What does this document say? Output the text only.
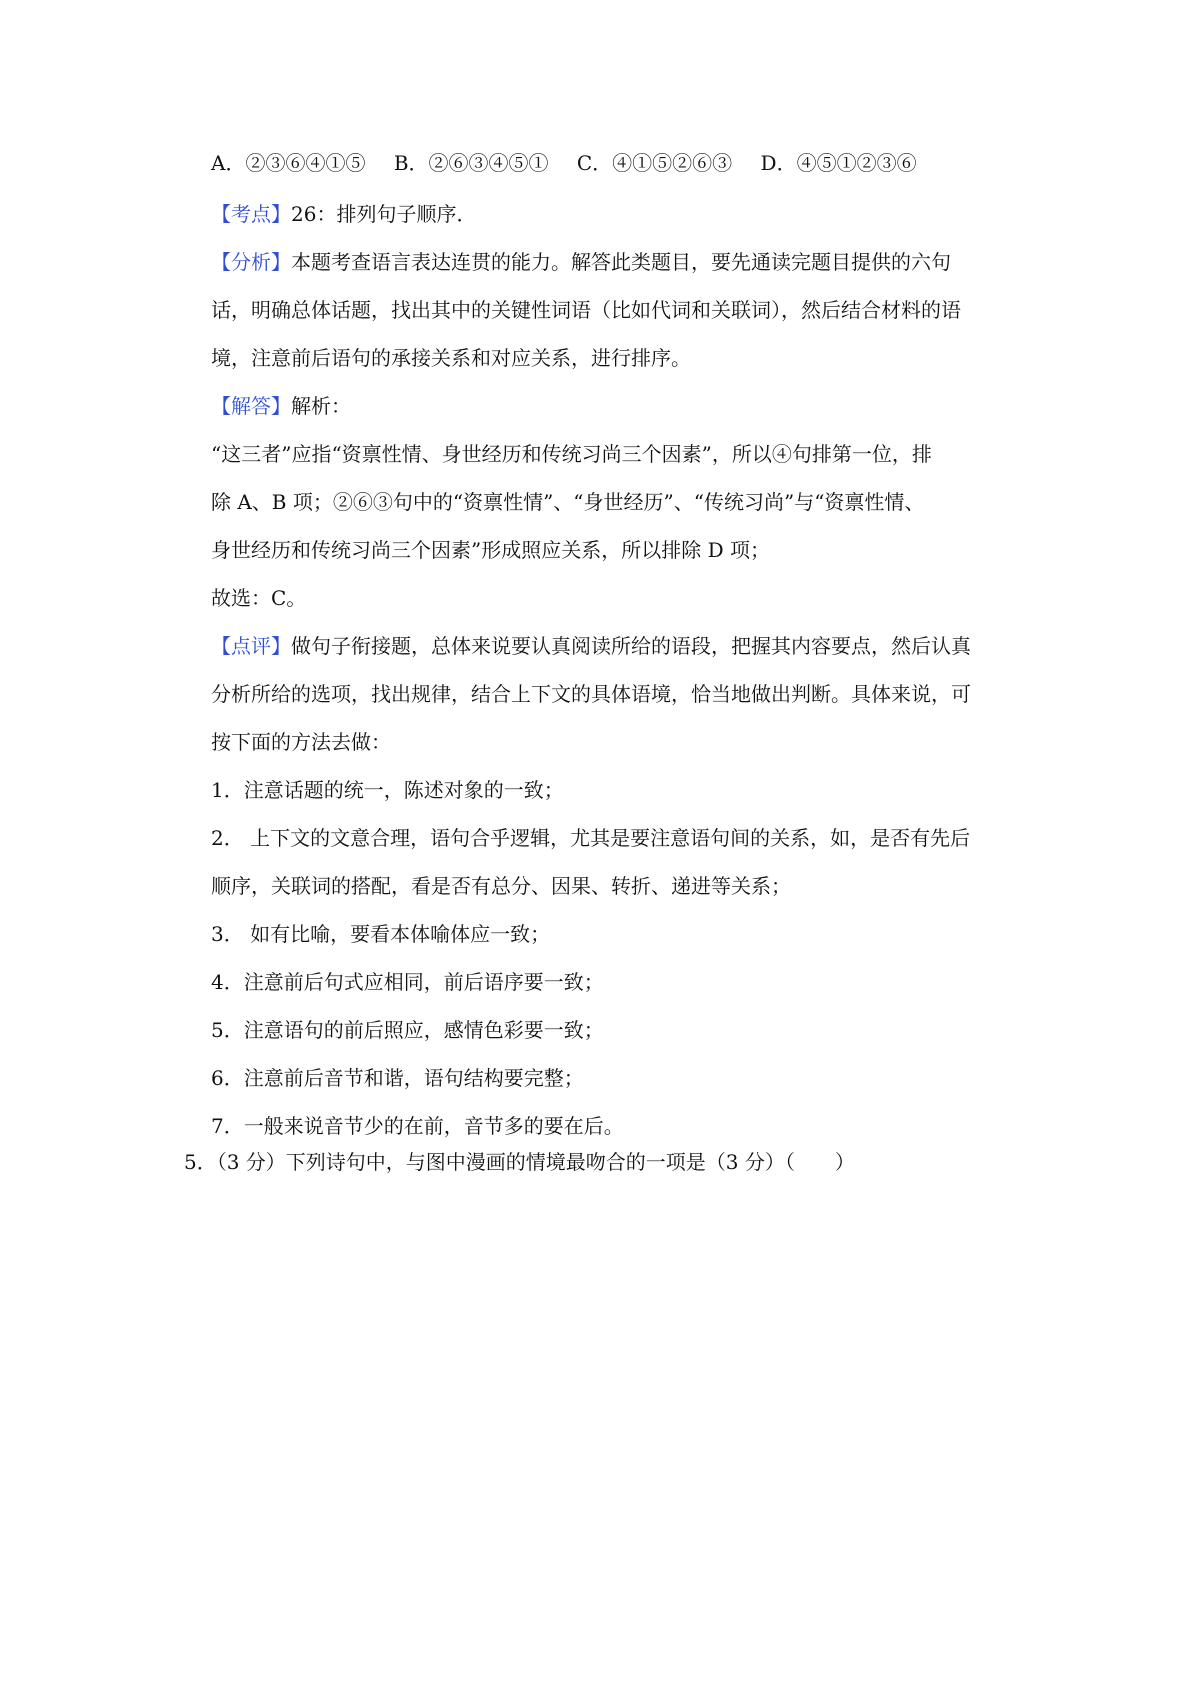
A．②③⑥④①⑤ B．②⑥③④⑤① C．④①⑤②⑥③ D．④⑤①②③⑥
【考点】26：排列句子顺序．
【分析】本题考查语言表达连贯的能力。解答此类题目，要先通读完题目提供的六句
话，明确总体话题，找出其中的关键性词语（比如代词和关联词），然后结合材料的语
境，注意前后语句的承接关系和对应关系，进行排序。
【解答】解析：
“这三者”应指“资禀性情、身世经历和传统习尚三个因素”，所以④句排第一位，排
除 A、B 项；②⑥③句中的“资禀性情”、“身世经历”、“传统习尚”与“资禀性情、
身世经历和传统习尚三个因素”形成照应关系，所以排除 D 项；
故选：C。
【点评】做句子衔接题，总体来说要认真阅读所给的语段，把握其内容要点，然后认真
分析所给的选项，找出规律，结合上下文的具体语境，恰当地做出判断。具体来说，可
按下面的方法去做：
1．注意话题的统一，陈述对象的一致；
2． 上下文的文意合理，语句合乎逻辑，尤其是要注意语句间的关系，如，是否有先后
顺序，关联词的搭配，看是否有总分、因果、转折、递进等关系；
3． 如有比喻，要看本体喻体应一致；
4．注意前后句式应相同，前后语序要一致；
5．注意语句的前后照应，感情色彩要一致；
6．注意前后音节和谐，语句结构要完整；
7．一般来说音节少的在前，音节多的要在后。
5．（3 分）下列诗句中，与图中漫画的情境最吻合的一项是（3 分）（　　）
